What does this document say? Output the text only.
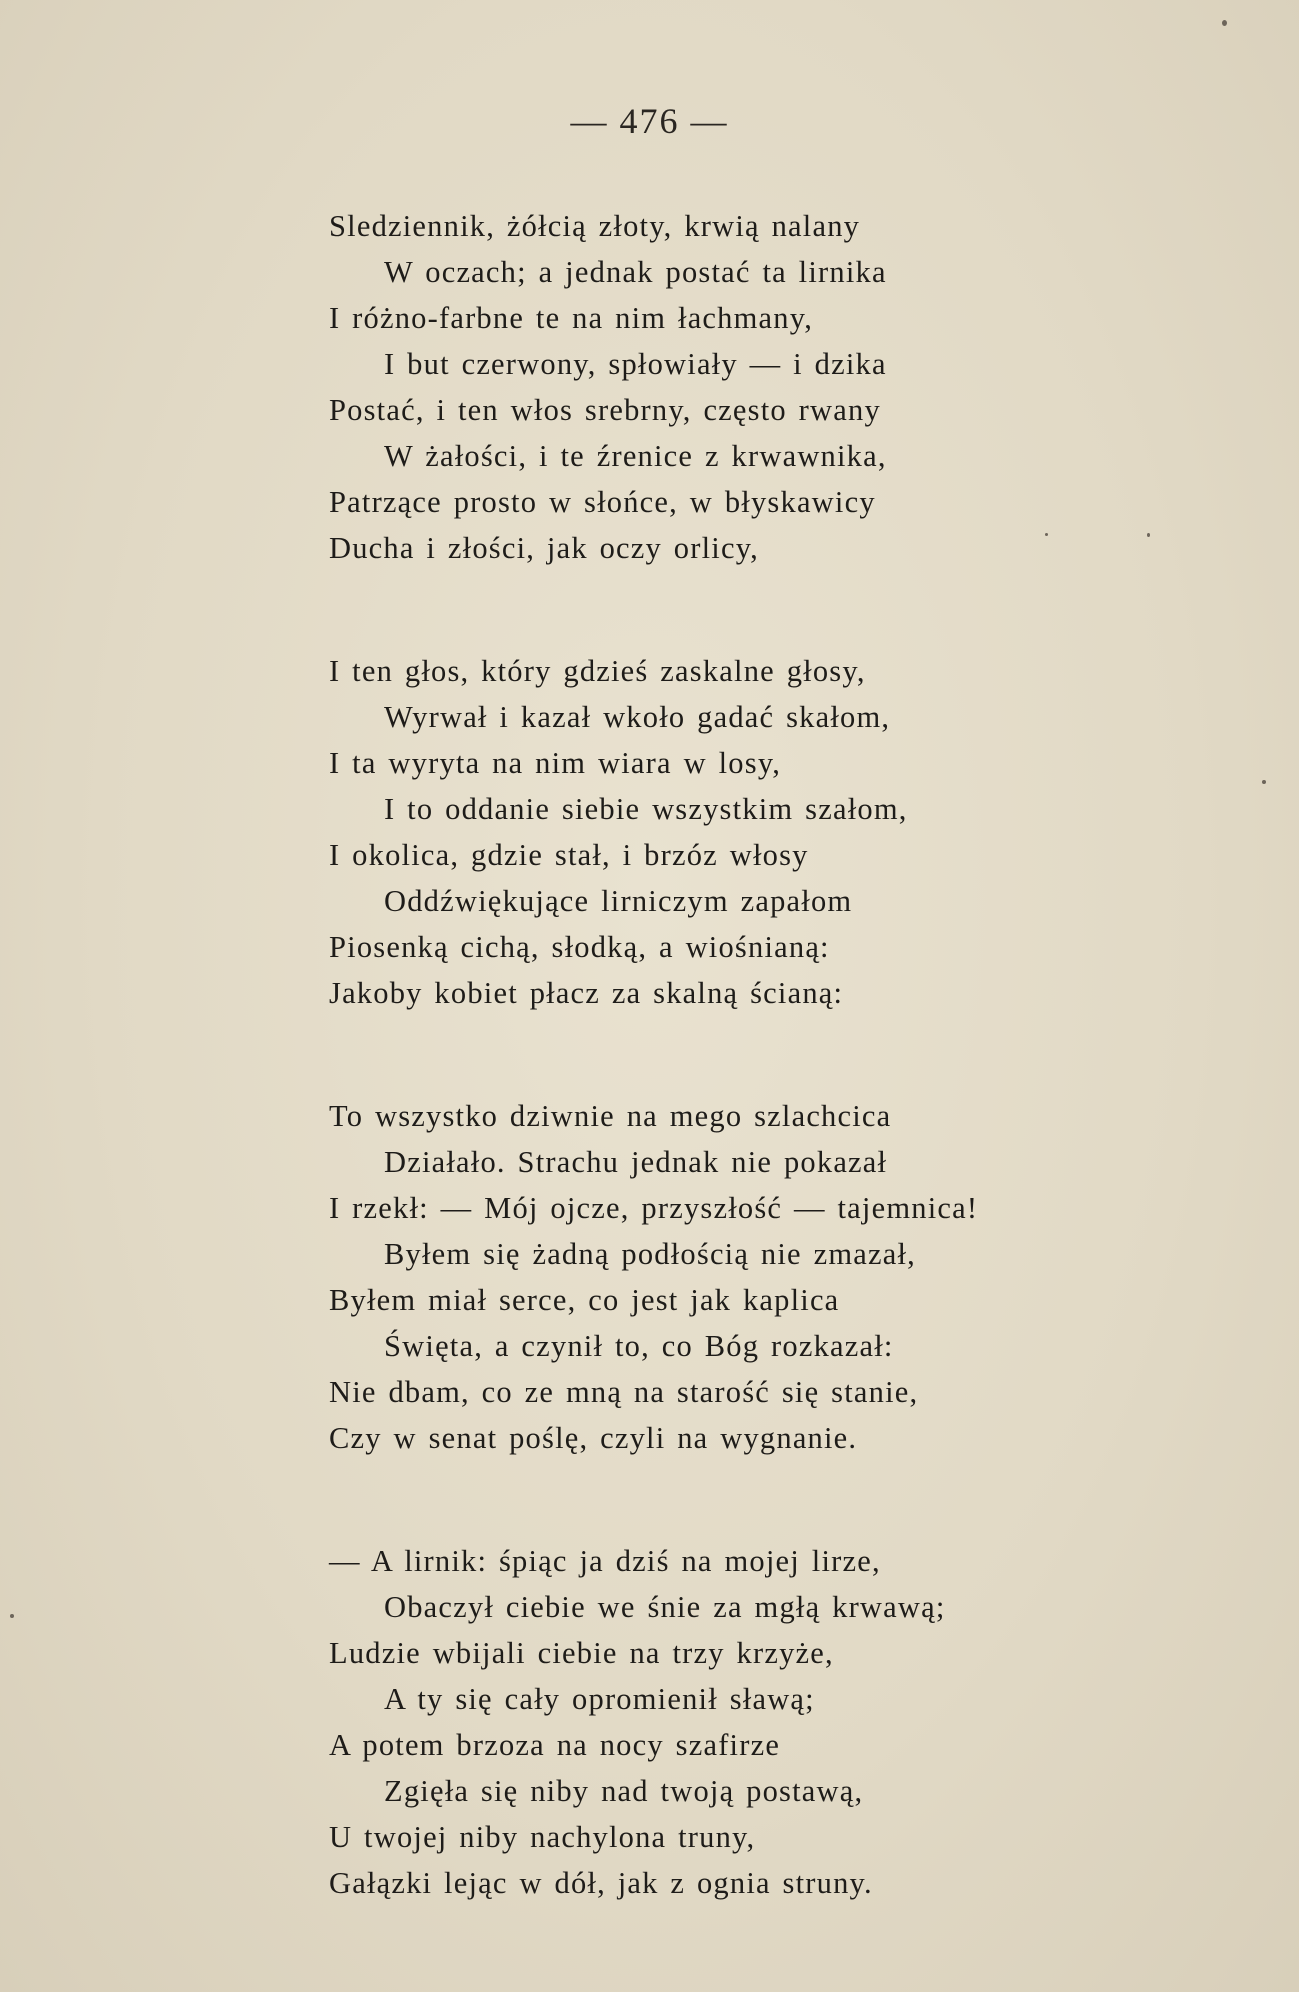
— 476 —
Sledziennik, żółcią złoty, krwią nalany
W oczach; a jednak postać ta lirnika
I różno-farbne te na nim łachmany,
I but czerwony, spłowiały — i dzika
Postać, i ten włos srebrny, często rwany
W żałości, i te źrenice z krwawnika,
Patrzące prosto w słońce, w błyskawicy
Ducha i złości, jak oczy orlicy,
I ten głos, który gdzieś zaskalne głosy,
Wyrwał i kazał wkoło gadać skałom,
I ta wyryta na nim wiara w losy,
I to oddanie siebie wszystkim szałom,
I okolica, gdzie stał, i brzóz włosy
Oddźwiękujące lirniczym zapałom
Piosenką cichą, słodką, a wiośnianą:
Jakoby kobiet płacz za skalną ścianą:
To wszystko dziwnie na mego szlachcica
Działało. Strachu jednak nie pokazał
I rzekł: — Mój ojcze, przyszłość — tajemnica!
Byłem się żadną podłością nie zmazał,
Byłem miał serce, co jest jak kaplica
Święta, a czynił to, co Bóg rozkazał:
Nie dbam, co ze mną na starość się stanie,
Czy w senat poślę, czyli na wygnanie.
— A lirnik: śpiąc ja dziś na mojej lirze,
Obaczył ciebie we śnie za mgłą krwawą;
Ludzie wbijali ciebie na trzy krzyże,
A ty się cały opromienił sławą;
A potem brzoza na nocy szafirze
Zgięła się niby nad twoją postawą,
U twojej niby nachylona truny,
Gałązki lejąc w dół, jak z ognia struny.
